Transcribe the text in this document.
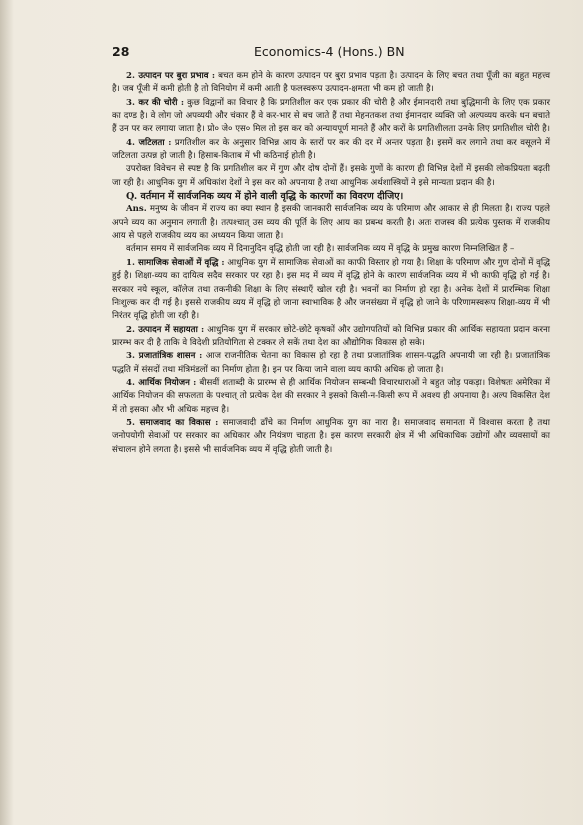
28	Economics-4 (Hons.) BN

2. उत्पादन पर बुरा प्रभाव : बचत कम होने के कारण उत्पादन पर बुरा प्रभाव पड़ता है। उत्पादन के लिए बचत तथा पूँजी का बहुत महत्त्व है। जब पूँजी में कमी होती है तो विनियोग में कमी आती है फलस्वरूप उत्पादन-क्षमता भी कम हो जाती है।

3. कर की चोरी : कुछ विद्वानों का विचार है कि प्रगतिशील कर एक प्रकार की चोरी है और ईमानदारी तथा बुद्धिमानी के लिए एक प्रकार का दण्ड है। वे लोग जो अपव्ययी और चंकार हैं वे कर-भार से बच जाते हैं तथा मेहनतकश तथा ईमानदार व्यक्ति जो अल्पव्यय करके धन बचाते हैं उन पर कर लगाया जाता है। प्रो० जे० एस० मिल तो इस कर को अन्यायपूर्ण मानते हैं और करों के प्रगतिशीलता उनके लिए प्रगतिशील चोरी है।

4. जटिलता : प्रगतिशील कर के अनुसार विभिन्न आय के स्तरों पर कर की दर में अन्तर पड़ता है। इसमें कर लगाने तथा कर वसूलने में जटिलता उत्पन्न हो जाती है। हिसाब-किताब में भी कठिनाई होती है।

उपरोक्त विवेचन से स्पष्ट है कि प्रगतिशील कर में गुण और दोष दोनों हैं। इसके गुणों के कारण ही विभिन्न देशों में इसकी लोकप्रियता बढ़ती जा रही है। आधुनिक युग में अधिकांश देशों ने इस कर को अपनाया है तथा आधुनिक अर्थशास्त्रियों ने इसे मान्यता प्रदान की है।

Q. वर्तमान में सार्वजनिक व्यय में होने वाली वृद्धि के कारणों का विवरण दीजिए।

Ans. मनुष्य के जीवन में राज्य का क्या स्थान है इसकी जानकारी सार्वजनिक व्यय के परिमाण और आकार से ही मिलता है। राज्य पहले अपने व्यय का अनुमान लगाती है। तत्पश्चात् उस व्यय की पूर्ति के लिए आय का प्रबन्ध करती है। अतः राजस्व की प्रत्येक पुस्तक में राजकीय आय से पहले राजकीय व्यय का अध्ययन किया जाता है।

वर्तमान समय में सार्वजनिक व्यय में दिनानुदिन वृद्धि होती जा रही है। सार्वजनिक व्यय में वृद्धि के प्रमुख कारण निम्नलिखित हैं –

1. सामाजिक सेवाओं में वृद्धि : आधुनिक युग में सामाजिक सेवाओं का काफी विस्तार हो गया है। शिक्षा के परिमाण और गुण दोनों में वृद्धि हुई है। शिक्षा-व्यय का दायित्व सदैव सरकार पर रहा है। इस मद में व्यय में वृद्धि होने के कारण सार्वजनिक व्यय में भी काफी वृद्धि हो गई है। सरकार नये स्कूल, कॉलेज तथा तकनीकी शिक्षा के लिए संस्थाएँ खोल रही है। भवनों का निर्माण हो रहा है। अनेक देशों में प्रारम्भिक शिक्षा निःशुल्क कर दी गई है। इससे राजकीय व्यय में वृद्धि हो जाना स्वाभाविक है और जनसंख्या में वृद्धि हो जाने के परिणामस्वरूप शिक्षा-व्यय में भी निरंतर वृद्धि होती जा रही है।

2. उत्पादन में सहायता : आधुनिक युग में सरकार छोटे-छोटे कृषकों और उद्योगपतियों को विभिन्न प्रकार की आर्थिक सहायता प्रदान करना प्रारम्भ कर दी है ताकि वे विदेशी प्रतियोगिता से टक्कर ले सकें तथा देश का औद्योगिक विकास हो सके।

3. प्रजातांत्रिक शासन : आज राजनीतिक चेतना का विकास हो रहा है तथा प्रजातांत्रिक शासन-पद्धति अपनायी जा रही है। प्रजातांत्रिक पद्धति में संसदों तथा मंत्रिमंडलों का निर्माण होता है। इन पर किया जाने वाला व्यय काफी अधिक हो जाता है।

4. आर्थिक नियोजन : बीसवीं शताब्दी के प्रारम्भ से ही आर्थिक नियोजन सम्बन्धी विचारधाराओं ने बहुत जोड़ पकड़ा। विशेषतः अमेरिका में आर्थिक नियोजन की सफलता के पश्चात् तो प्रत्येक देश की सरकार ने इसको किसी-न-किसी रूप में अवश्य ही अपनाया है। अल्प विकसित देश में तो इसका और भी अधिक महत्त्व है।

5. समाजवाद का विकास : समाजवादी ढाँचे का निर्माण आधुनिक युग का नारा है। समाजवाद समानता में विश्वास करता है तथा जनोपयोगी सेवाओं पर सरकार का अधिकार और नियंत्रण चाहता है। इस कारण सरकारी क्षेत्र में भी अधिकाधिक उद्योगों और व्यवसायों का संचालन होने लगता है। इससे भी सार्वजनिक व्यय में वृद्धि होती जाती है।
